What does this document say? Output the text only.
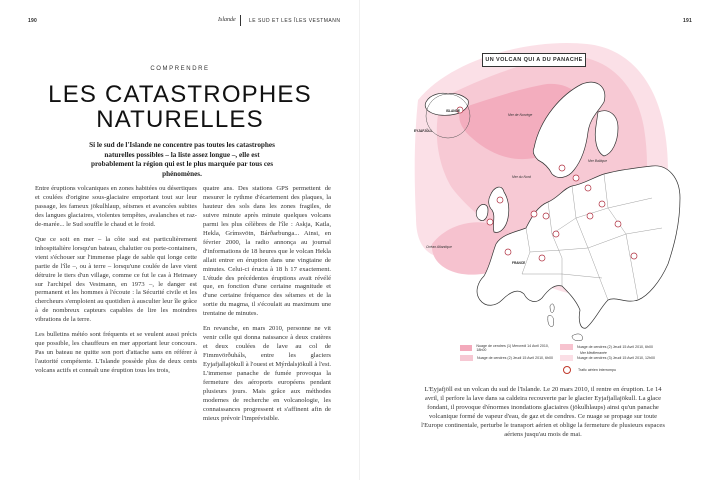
190	Islande	LE SUD ET LES ÎLES VESTMANN	191
COMPRENDRE
LES CATASTROPHES
NATURELLES
Si le sud de l'Islande ne concentre pas toutes les catastrophes naturelles possibles – la liste assez longue –, elle est probablement la région qui est le plus marquée par tous ces phénomènes.

Entre éruptions volcaniques en zones habitées ou désertiques et coulées d'origine sous-glaciaire emportant tout sur leur passage, les fameux jökulhlaup, séismes et avancées subites des langues glaciaires, violentes tempêtes, avalanches et raz-de-marée... le Sud souffle le chaud et le froid.

Que ce soit en mer – la côte sud est particulièrement inhospitalière lorsqu'un bateau, chalutier ou porte-containers, vient s'échouer sur l'immense plage de sable qui longe cette partie de l'île –, ou à terre – lorsqu'une coulée de lave vient détruire le tiers d'un village, comme ce fut le cas à Heimaey sur l'archipel des Vestmann, en 1973 –, le danger est permanent et les hommes à l'écoute : la Sécurité civile et les chercheurs s'emploient au quotidien à ausculter leur île grâce à de nombreux capteurs capables de lire les moindres vibrations de la terre.

Les bulletins météo sont fréquents et se veulent aussi précis que possible, les chauffeurs en mer apportant leur concours. Pas un bateau ne quitte son port d'attache sans en référer à l'autorité compétente. L'Islande possède plus de deux cents volcans actifs et connaît une éruption tous les trois,

quatre ans. Des stations GPS permettent de mesurer le rythme d'écartement des plaques, la hauteur des sols dans les zones fragiles, de suivre minute après minute quelques volcans parmi les plus célèbres de l'île : Askja, Katla, Hekla, Grímsvötn, Bárðarbunga... Ainsi, en février 2000, la radio annonça au journal d'informations de 18 heures que le volcan Hekla allait entrer en éruption dans une vingtaine de minutes. Celui-ci éructa à 18 h 17 exactement. L'étude des précédentes éruptions avait révélé que, en fonction d'une certaine magnitude et d'une certaine fréquence des séismes et de la sortie du magma, il s'écoulait au maximum une trentaine de minutes.

En revanche, en mars 2010, personne ne vit venir celle qui donna naissance à deux cratères et deux coulées de lave au col de Fimmvörðuháls, entre les glaciers Eyjafjallajökull à l'ouest et Mýrdalsjökull à l'est. L'immense panache de fumée provoqua la fermeture des aéroports européens pendant plusieurs jours. Mais grâce aux méthodes modernes de recherche en volcanologie, les connaissances progressent et s'affinent afin de mieux prévoir l'imprévisible.

ISLANDE
EYJAFJÖLL
Mer de Norvège
Mer du Nord
Mer Baltique
Océan Atlantique
Mer Méditerranée
FRANCE
UN VOLCAN QUI A DU PANACHE
Nuage de cendres (1) Mercredi 14 Avril 2010, 18h00
Nuage de cendres (2) Jeudi 15 Avril 2010, 6h00
Nuage de cendres (2) Jeudi 15 Avril 2010, 6h00	Nuage de cendres (3) Jeudi 15 Avril 2010, 12h00
Trafic aérien interrompu
L'Eyjafjöll est un volcan du sud de l'Islande. Le 20 mars 2010, il rentre en éruption. Le 14 avril, il perfore la lave dans sa caldeira recouverte par le glacier Eyjafjallajökull. La glace fondant, il provoque d'énormes inondations glaciaires (jökulhlaups) ainsi qu'un panache volcanique formé de vapeur d'eau, de gaz et de cendres. Ce nuage se propage sur toute l'Europe continentale, perturbe le transport aérien et oblige la fermeture de plusieurs espaces aériens jusqu'au mois de mai.
